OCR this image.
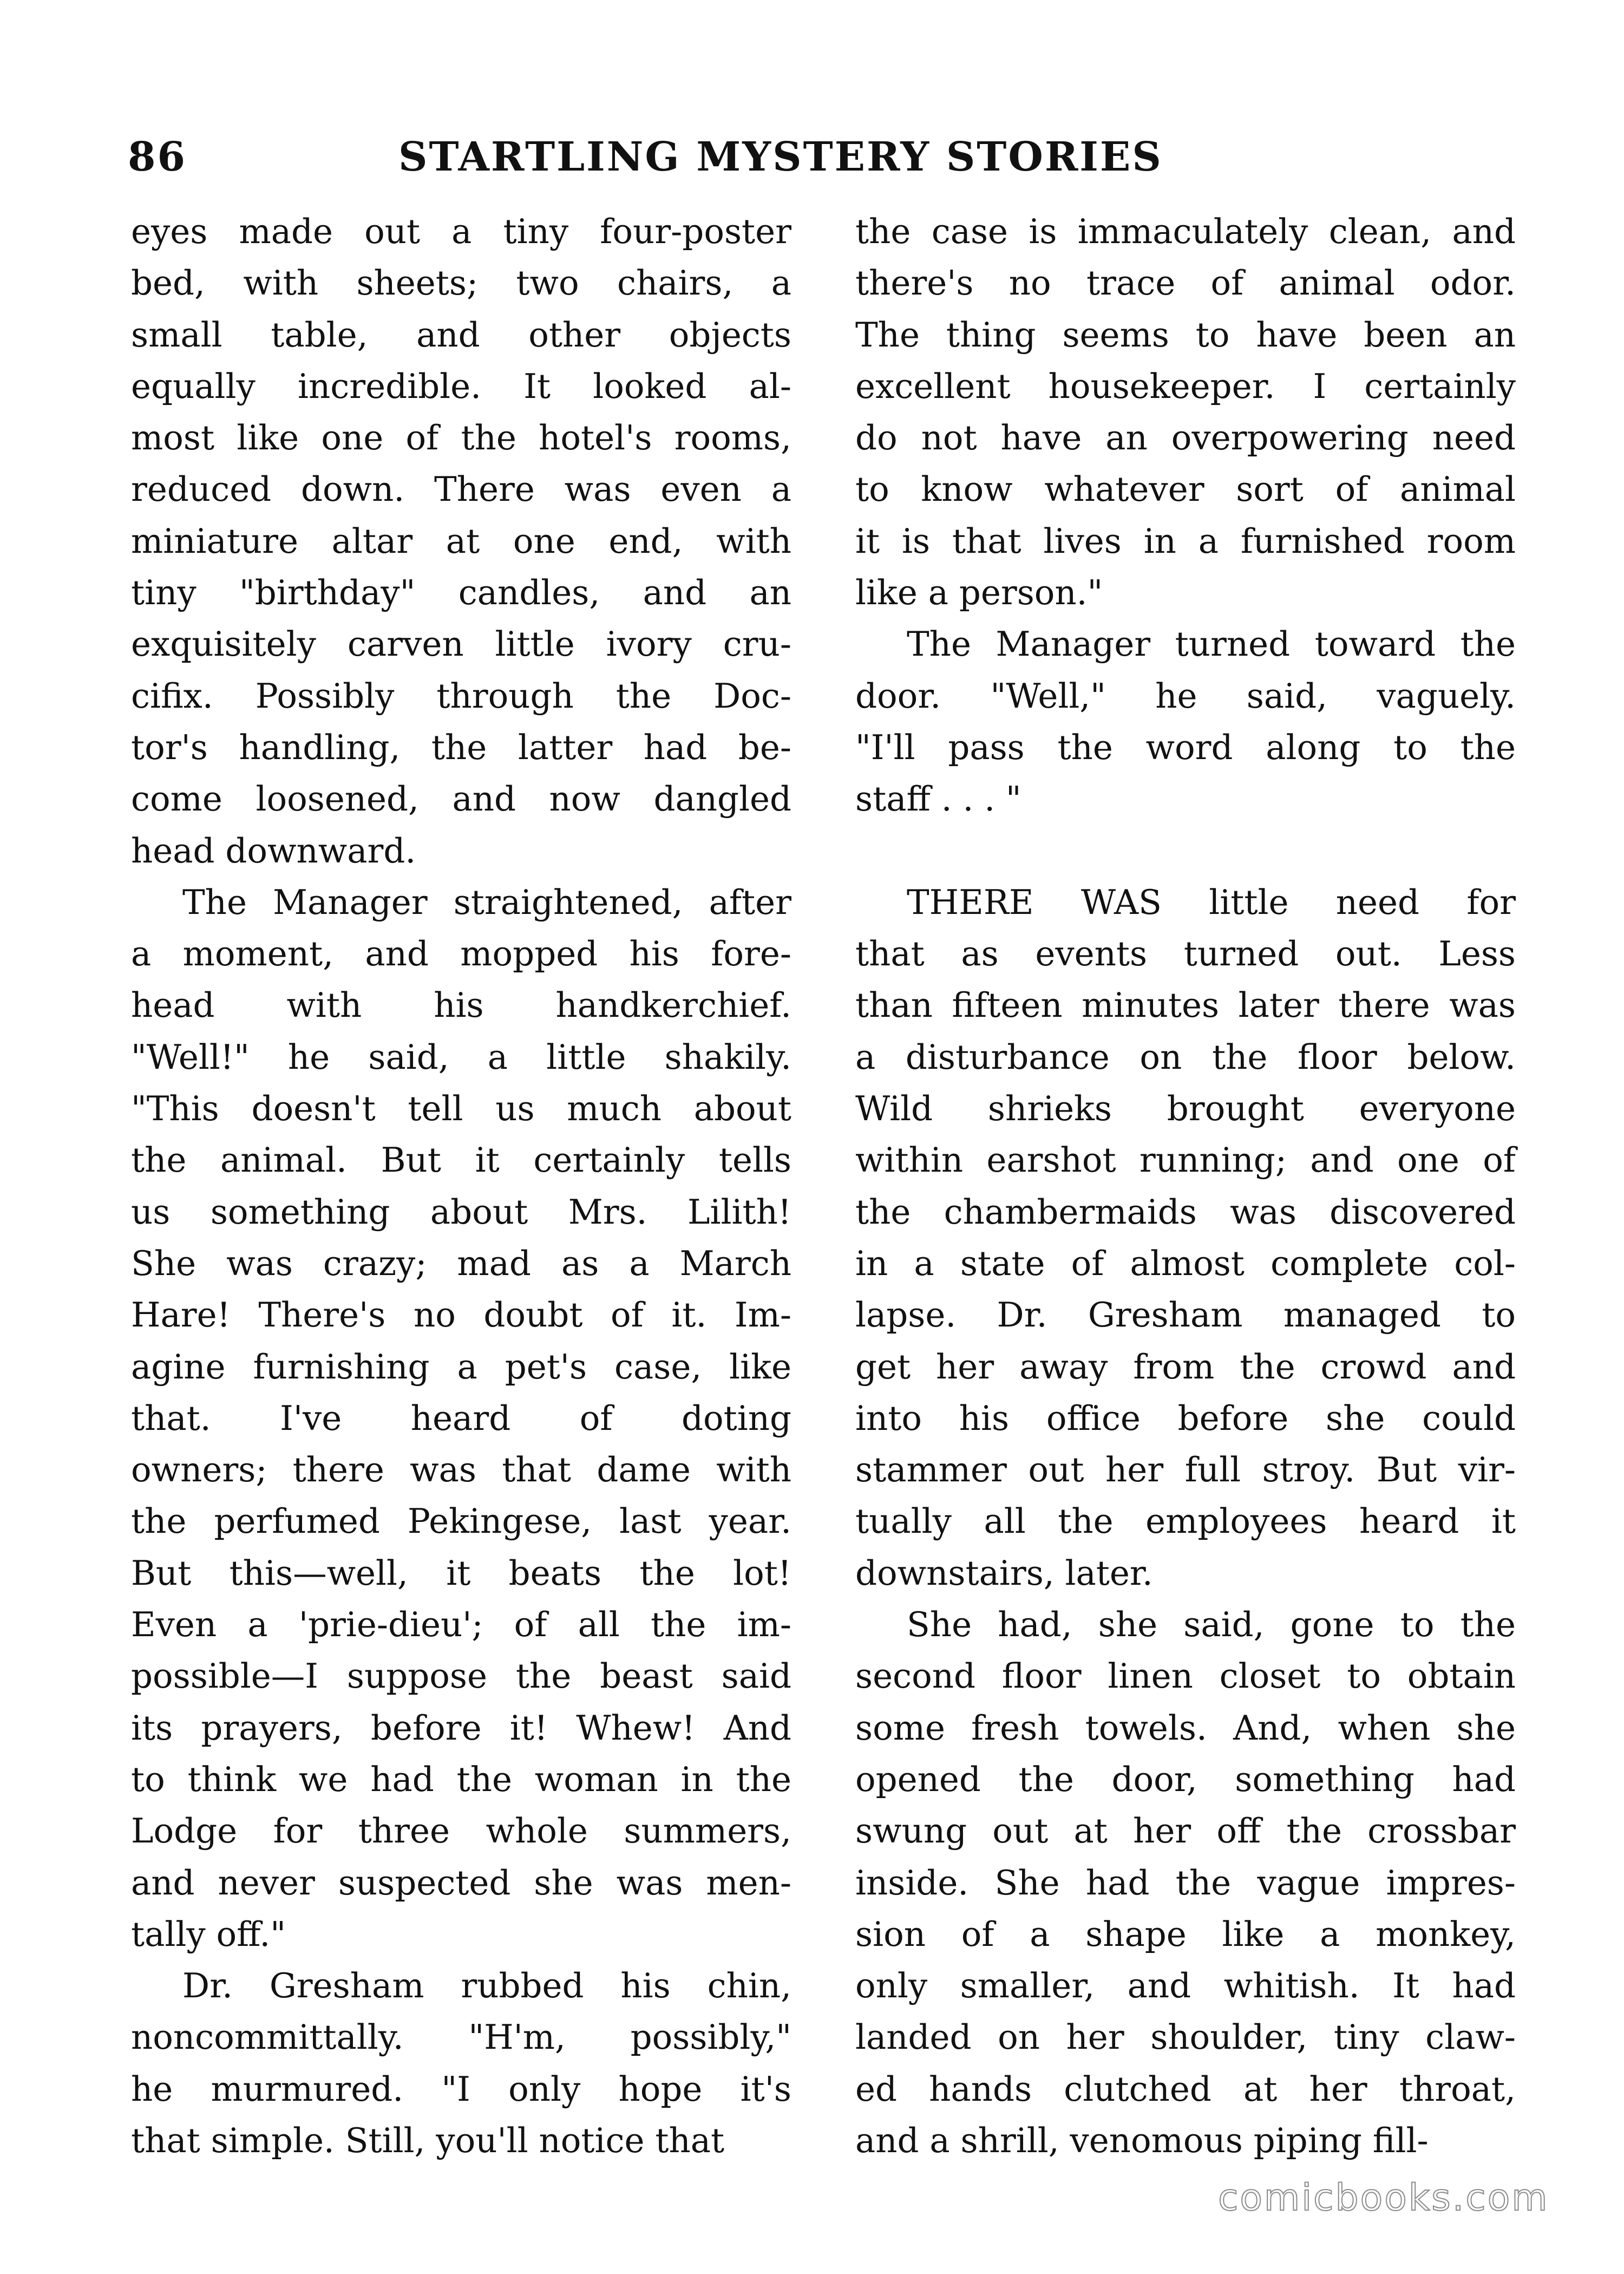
86	STARTLING MYSTERY STORIES

eyes made out a tiny four-poster
bed, with sheets; two chairs, a
small table, and other objects
equally incredible. It looked al-
most like one of the hotel's rooms,
reduced down. There was even a
miniature altar at one end, with
tiny "birthday" candles, and an
exquisitely carven little ivory cru-
cifix. Possibly through the Doc-
tor's handling, the latter had be-
come loosened, and now dangled
head downward.

The Manager straightened, after
a moment, and mopped his fore-
head with his handkerchief.
"Well!" he said, a little shakily.
"This doesn't tell us much about
the animal. But it certainly tells
us something about Mrs. Lilith!
She was crazy; mad as a March
Hare! There's no doubt of it. Im-
agine furnishing a pet's case, like
that. I've heard of doting
owners; there was that dame with
the perfumed Pekingese, last year.
But this—well, it beats the lot!
Even a 'prie-dieu'; of all the im-
possible—I suppose the beast said
its prayers, before it! Whew! And
to think we had the woman in the
Lodge for three whole summers,
and never suspected she was men-
tally off."

Dr. Gresham rubbed his chin,
noncommittally. "H'm, possibly,"
he murmured. "I only hope it's
that simple. Still, you'll notice that

the case is immaculately clean, and
there's no trace of animal odor.
The thing seems to have been an
excellent housekeeper. I certainly
do not have an overpowering need
to know whatever sort of animal
it is that lives in a furnished room
like a person."

The Manager turned toward the
door. "Well," he said, vaguely.
"I'll pass the word along to the
staff . . . "

THERE WAS little need for
that as events turned out. Less
than fifteen minutes later there was
a disturbance on the floor below.
Wild shrieks brought everyone
within earshot running; and one of
the chambermaids was discovered
in a state of almost complete col-
lapse. Dr. Gresham managed to
get her away from the crowd and
into his office before she could
stammer out her full stroy. But vir-
tually all the employees heard it
downstairs, later.

She had, she said, gone to the
second floor linen closet to obtain
some fresh towels. And, when she
opened the door, something had
swung out at her off the crossbar
inside. She had the vague impres-
sion of a shape like a monkey,
only smaller, and whitish. It had
landed on her shoulder, tiny claw-
ed hands clutched at her throat,
and a shrill, venomous piping fill-

comicbooks.com
